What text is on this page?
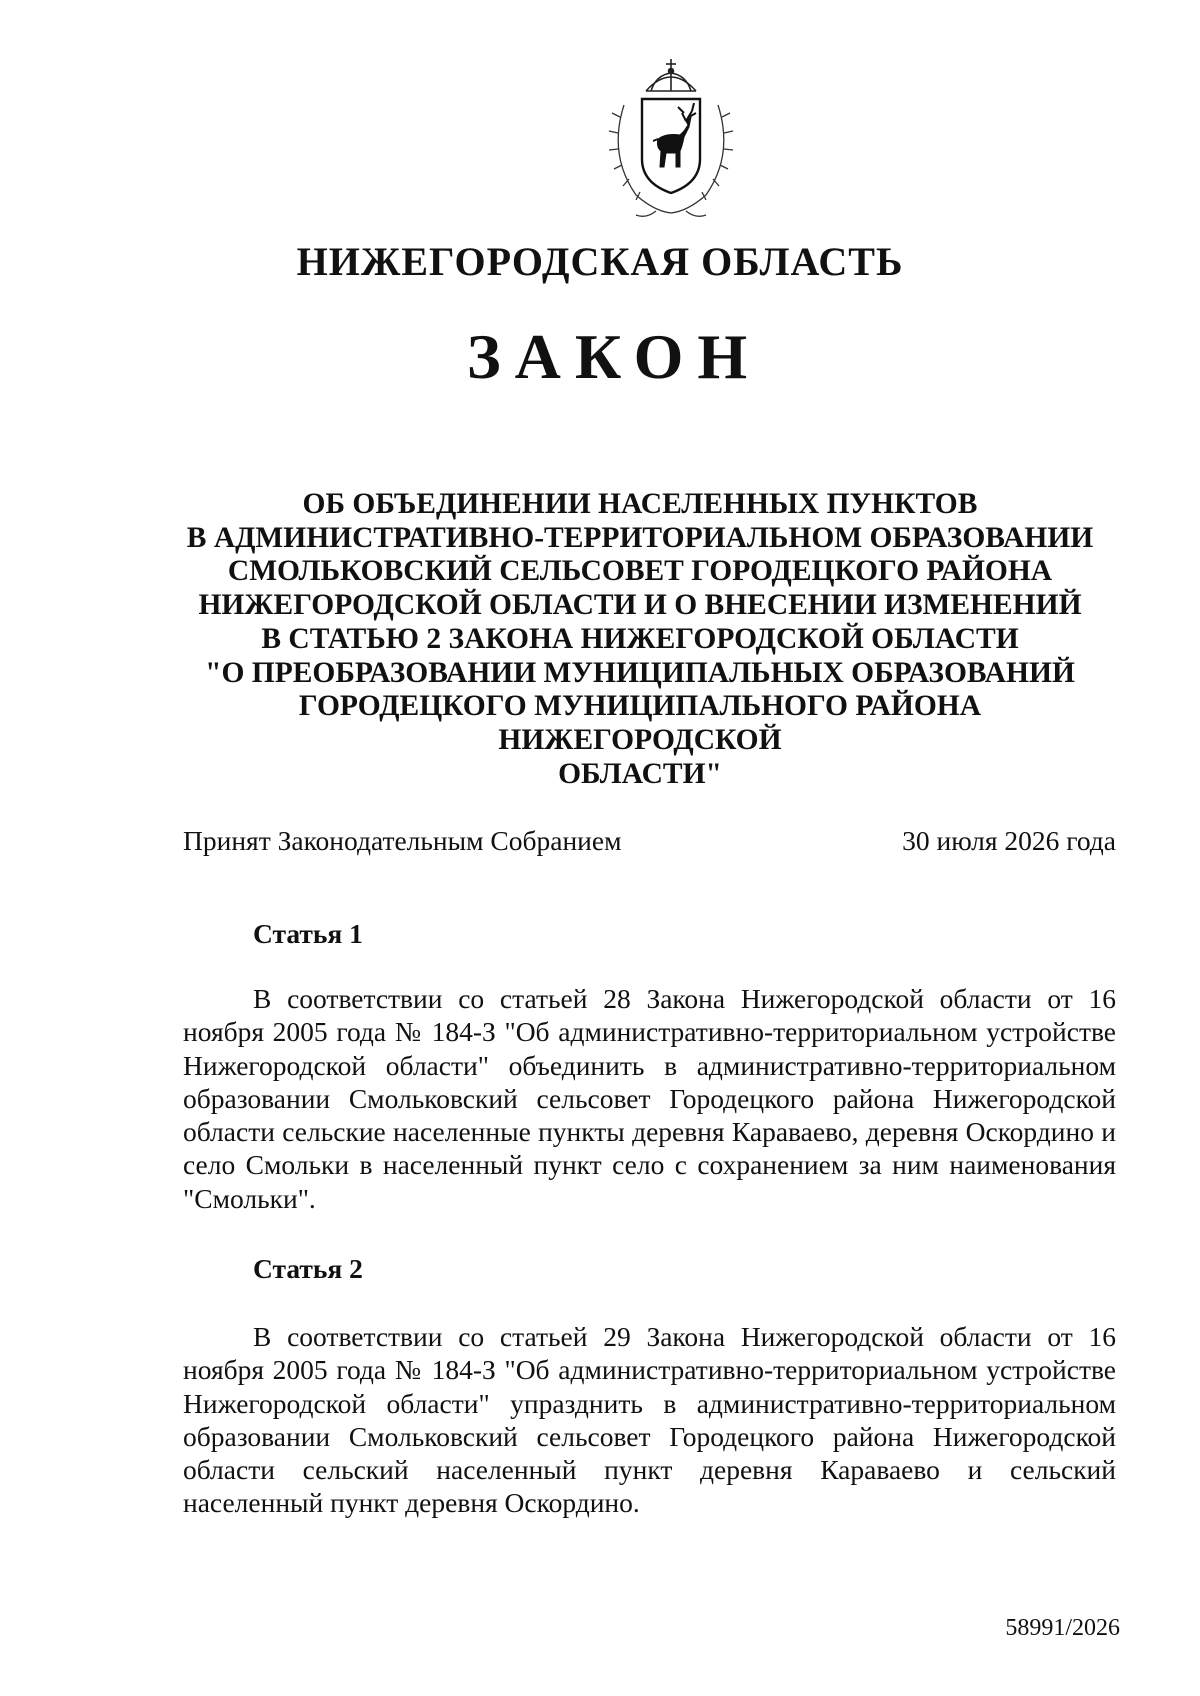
НИЖЕГОРОДСКАЯ ОБЛАСТЬ
ЗАКОН
ОБ ОБЪЕДИНЕНИИ НАСЕЛЕННЫХ ПУНКТОВ
В АДМИНИСТРАТИВНО-ТЕРРИТОРИАЛЬНОМ ОБРАЗОВАНИИ
СМОЛЬКОВСКИЙ СЕЛЬСОВЕТ ГОРОДЕЦКОГО РАЙОНА
НИЖЕГОРОДСКОЙ ОБЛАСТИ И О ВНЕСЕНИИ ИЗМЕНЕНИЙ
В СТАТЬЮ 2 ЗАКОНА НИЖЕГОРОДСКОЙ ОБЛАСТИ
"О ПРЕОБРАЗОВАНИИ МУНИЦИПАЛЬНЫХ ОБРАЗОВАНИЙ
ГОРОДЕЦКОГО МУНИЦИПАЛЬНОГО РАЙОНА НИЖЕГОРОДСКОЙ
ОБЛАСТИ"
Принят Законодательным Собранием	30 июля 2026 года
Статья 1
В соответствии со статьей 28 Закона Нижегородской области от 16 ноября 2005 года № 184-З "Об административно-территориальном устройстве Нижегородской области" объединить в административно-территориальном образовании Смольковский сельсовет Городецкого района Нижегородской области сельские населенные пункты деревня Караваево, деревня Оскордино и село Смольки в населенный пункт село с сохранением за ним наименования "Смольки".
Статья 2
В соответствии со статьей 29 Закона Нижегородской области от 16 ноября 2005 года № 184-З "Об административно-территориальном устройстве Нижегородской области" упразднить в административно-территориальном образовании Смольковский сельсовет Городецкого района Нижегородской области сельский населенный пункт деревня Караваево и сельский населенный пункт деревня Оскордино.
58991/2026
